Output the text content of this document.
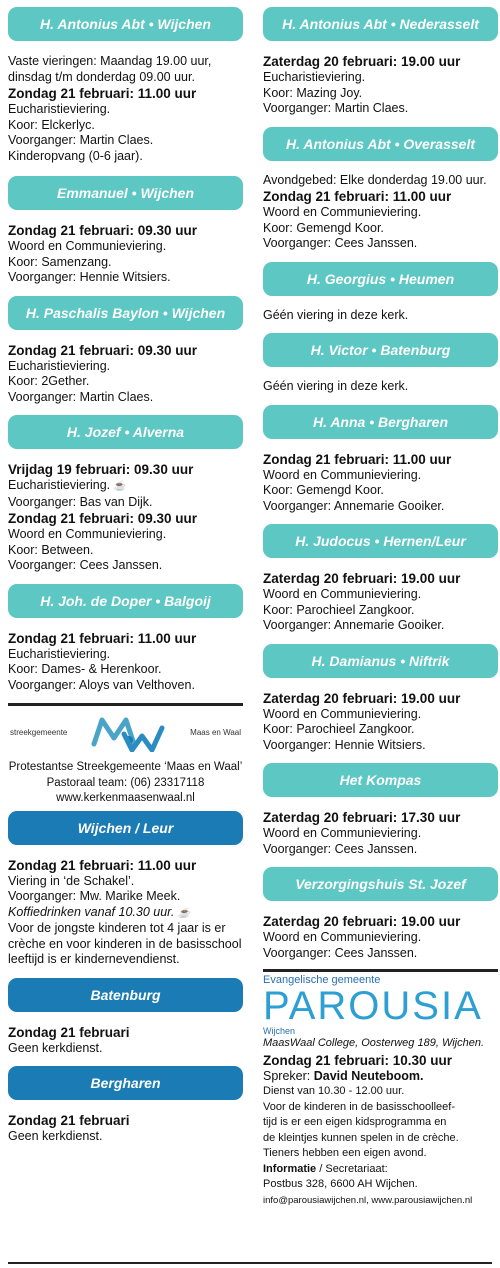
H. Antonius Abt • Wijchen
Vaste vieringen: Maandag 19.00 uur,
dinsdag t/m donderdag 09.00 uur.
Zondag 21 februari: 11.00 uur
Eucharistieviering.
Koor: Elckerlyc.
Voorganger: Martin Claes.
Kinderopvang (0-6 jaar).
Emmanuel • Wijchen
Zondag 21 februari: 09.30 uur
Woord en Communieviering.
Koor: Samenzang.
Voorganger: Hennie Witsiers.
H. Paschalis Baylon • Wijchen
Zondag 21 februari: 09.30 uur
Eucharistieviering.
Koor: 2Gether.
Voorganger: Martin Claes.
H. Jozef • Alverna
Vrijdag 19 februari: 09.30 uur
Eucharistieviering. ☕
Voorganger: Bas van Dijk.
Zondag 21 februari: 09.30 uur
Woord en Communieviering.
Koor: Between.
Voorganger: Cees Janssen.
H. Joh. de Doper • Balgoij
Zondag 21 februari: 11.00 uur
Eucharistieviering.
Koor: Dames- & Herenkoor.
Voorganger: Aloys van Velthoven.
streekgemeente	Maas en Waal
Protestantse Streekgemeente ‘Maas en Waal’
Pastoraal team: (06) 23317118
www.kerkenmaasenwaal.nl
Wijchen / Leur
Zondag 21 februari: 11.00 uur
Viering in ‘de Schakel’.
Voorganger: Mw. Marike Meek.
Koffiedrinken vanaf 10.30 uur. ☕
Voor de jongste kinderen tot 4 jaar is er
crèche en voor kinderen in de basisschool
leeftijd is er kindernevendienst.
Batenburg
Zondag 21 februari
Geen kerkdienst.
Bergharen
Zondag 21 februari
Geen kerkdienst.
H. Antonius Abt • Nederasselt
Zaterdag 20 februari: 19.00 uur
Eucharistieviering.
Koor: Mazing Joy.
Voorganger: Martin Claes.
H. Antonius Abt • Overasselt
Avondgebed: Elke donderdag 19.00 uur.
Zondag 21 februari: 11.00 uur
Woord en Communieviering.
Koor: Gemengd Koor.
Voorganger: Cees Janssen.
H. Georgius • Heumen
Géén viering in deze kerk.
H. Victor • Batenburg
Géén viering in deze kerk.
H. Anna • Bergharen
Zondag 21 februari: 11.00 uur
Woord en Communieviering.
Koor: Gemengd Koor.
Voorganger: Annemarie Gooiker.
H. Judocus • Hernen/Leur
Zaterdag 20 februari: 19.00 uur
Woord en Communieviering.
Koor: Parochieel Zangkoor.
Voorganger: Annemarie Gooiker.
H. Damianus • Niftrik
Zaterdag 20 februari: 19.00 uur
Woord en Communieviering.
Koor: Parochieel Zangkoor.
Voorganger: Hennie Witsiers.
Het Kompas
Zaterdag 20 februari: 17.30 uur
Woord en Communieviering.
Voorganger: Cees Janssen.
Verzorgingshuis St. Jozef
Zaterdag 20 februari: 19.00 uur
Woord en Communieviering.
Voorganger: Cees Janssen.
Evangelische gemeente
PAROUSIA
Wijchen
MaasWaal College, Oosterweg 189, Wijchen.
Zondag 21 februari: 10.30 uur
Spreker: David Neuteboom.
Dienst van 10.30 - 12.00 uur.
Voor de kinderen in de basisschoolleef-
tijd is er een eigen kidsprogramma en
de kleintjes kunnen spelen in de crèche.
Tieners hebben een eigen avond.
Informatie / Secretariaat:
Postbus 328, 6600 AH Wijchen.
info@parousiawijchen.nl, www.parousiawijchen.nl
